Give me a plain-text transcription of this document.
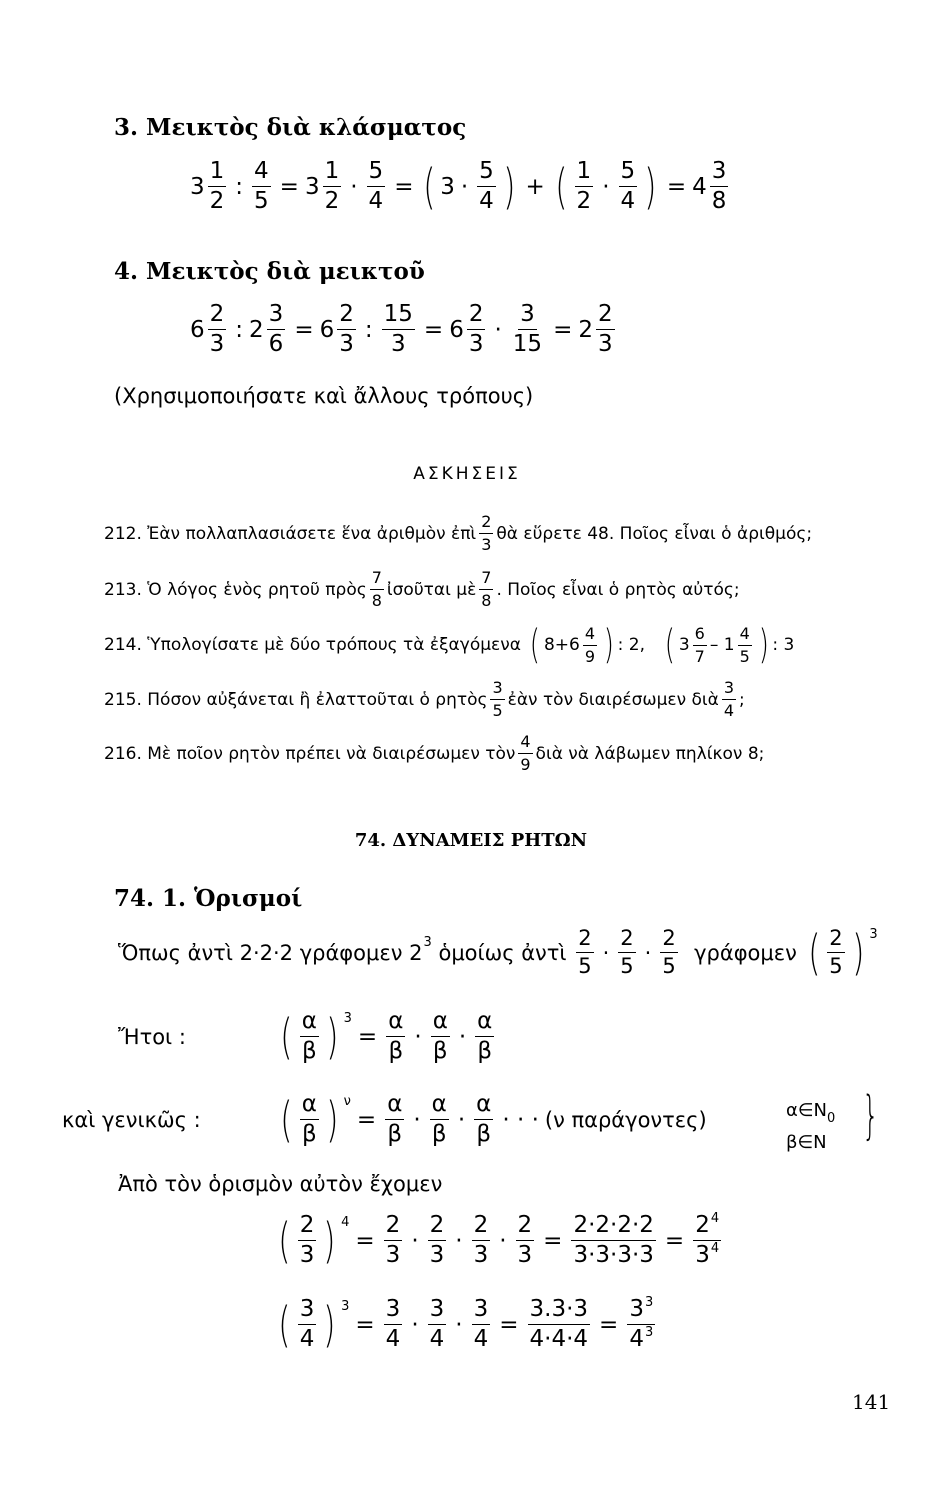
3. Μεικτὸς διὰ κλάσματος
$3 \frac{1}{2}$ : $\frac{4}{5} = 3 \frac{1}{2} \cdot \frac{5}{4}$ = ( $3 \cdot \frac{5}{4}$ ) + ( $\frac{1}{2} \cdot \frac{5}{4}$ ) = $4 \frac{3}{8}$
4. Μεικτὸς διὰ μεικτοῦ
$6 \frac{2}{3}$ : $2 \frac{3}{6} = 6 \frac{2}{3}$ : $\frac{15}{3} = 6 \frac{2}{3} \cdot \frac{3}{15} = 2 \frac{2}{3}$
(Χρησιμοποιήσατε καὶ ἄλλους τρόπους)
ΑΣΚΗΣΕΙΣ
212.
Ἐὰν πολλαπλασιάσετε ἕνα ἀριθμὸν ἐπὶ $\frac{2}{3}$ θὰ εὕρετε 48. Ποῖος εἶναι ὁ ἀριθμός;
213.
Ὁ λόγος ἑνὸς ρητοῦ πρὸς $\frac{7}{8}$ ἰσοῦται μὲ $\frac{7}{8}$ . Ποῖος εἶναι ὁ ρητὸς αὐτός;
214.
Ὑπολογίσατε μὲ δύο τρόπους τὰ ἐξαγόμενα
( $8+6 \frac{4}{9}$ ) : 2,
( $3 \frac{6}{7} - 1 \frac{4}{5}$ ) : 3
215.
Πόσον αὐξάνεται ἢ ἐλαττοῦται ὁ ρητὸς $\frac{3}{5}$ ἐὰν τὸν διαιρέσωμεν διὰ $\frac{3}{4}$ ;
216.
Μὲ ποῖον ρητὸν πρέπει νὰ διαιρέσωμεν τὸν $\frac{4}{9}$ διὰ νὰ λάβωμεν πηλίκον 8;
74. ΔΥΝΑΜΕΙΣ ΡΗΤΩΝ
74. 1. Ὁρισμοί
Ὅπως ἀντὶ 2·2·2 γράφομεν 2 3
ὁμοίως ἀντὶ
$\frac{2}{5} \cdot \frac{2}{5} \cdot \frac{2}{5}$
γράφομεν
( $\frac{2}{5}$ ) 3
Ἤτοι :	( $\frac{\alpha}{\beta}$ ) 3
= $\frac{\alpha}{\beta} \cdot \frac{\alpha}{\beta} \cdot \frac{\alpha}{\beta}$
καὶ γενικῶς :	( $\frac{\alpha}{\beta}$ ) ν
= $\frac{\alpha}{\beta} \cdot \frac{\alpha}{\beta} \cdot \frac{\alpha}{\beta}$ · · · (ν παράγοντες)	$\alpha\in N_0$
β∈N }
Ἀπὸ τὸν ὁρισμὸν αὐτὸν ἔχομεν
( $\frac{2}{3}$ ) 4
= $\frac{2}{3} \cdot \frac{2}{3} \cdot \frac{2}{3} \cdot \frac{2}{3} = \frac{2\cdot 2\cdot 2\cdot 2}{3\cdot 3\cdot 3\cdot 3} = \frac{2^4}{3^4}$
( $\frac{3}{4}$ ) 3
= $\frac{3}{4} \cdot \frac{3}{4} \cdot \frac{3}{4} = \frac{3.3\cdot 3}{4\cdot 4\cdot 4} = \frac{3^3}{4^3}$
141
